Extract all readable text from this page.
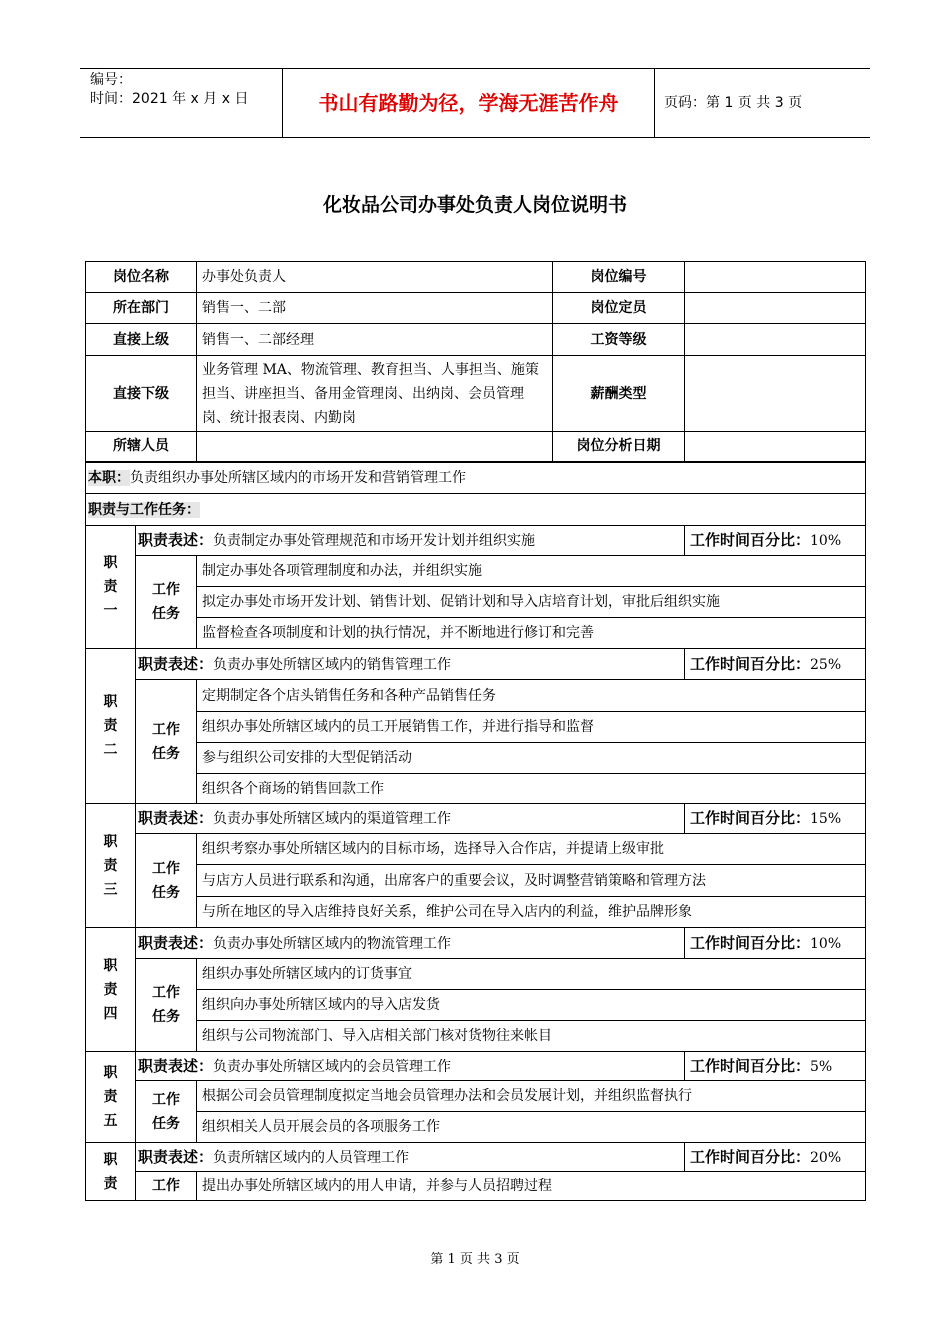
编号：
时间：2021 年 x 月 x 日	书山有路勤为径，学海无涯苦作舟	页码：第 1 页 共 3 页
化妆品公司办事处负责人岗位说明书
岗位名称		办事处负责人	岗位编号	
所在部门		销售一、二部	岗位定员	
直接上级		销售一、二部经理	工资等级	
直接下级		业务管理 MA、物流管理、教育担当、人事担当、施策担当、讲座担当、备用金管理岗、出纳岗、会员管理岗、统计报表岗、内勤岗	薪酬类型	
所辖人员			岗位分析日期	
本职：负责组织办事处所辖区域内的市场开发和营销管理工作				
职责与工作任务：				
职责一	职责表述：负责制定办事处管理规范和市场开发计划并组织实施			工作时间百分比：10%
	工作任务	制定办事处各项管理制度和办法，并组织实施		
		拟定办事处市场开发计划、销售计划、促销计划和导入店培育计划，审批后组织实施		
		监督检查各项制度和计划的执行情况，并不断地进行修订和完善		
职责二	职责表述：负责办事处所辖区域内的销售管理工作			工作时间百分比：25%
	工作任务	定期制定各个店头销售任务和各种产品销售任务		
		组织办事处所辖区域内的员工开展销售工作，并进行指导和监督		
		参与组织公司安排的大型促销活动		
		组织各个商场的销售回款工作		
职责三	职责表述：负责办事处所辖区域内的渠道管理工作			工作时间百分比：15%
	工作任务	组织考察办事处所辖区域内的目标市场，选择导入合作店，并提请上级审批		
		与店方人员进行联系和沟通，出席客户的重要会议，及时调整营销策略和管理方法		
		与所在地区的导入店维持良好关系，维护公司在导入店内的利益，维护品牌形象		
职责四	职责表述：负责办事处所辖区域内的物流管理工作			工作时间百分比：10%
	工作任务	组织办事处所辖区域内的订货事宜		
		组织向办事处所辖区域内的导入店发货		
		组织与公司物流部门、导入店相关部门核对货物往来帐目		
职责五	职责表述：负责办事处所辖区域内的会员管理工作			工作时间百分比：5%
	工作任务	根据公司会员管理制度拟定当地会员管理办法和会员发展计划，并组织监督执行		
		组织相关人员开展会员的各项服务工作		
职责	职责表述：负责所辖区域内的人员管理工作			工作时间百分比：20%
	工作	提出办事处所辖区域内的用人申请，并参与人员招聘过程		
第 1 页 共 3 页
